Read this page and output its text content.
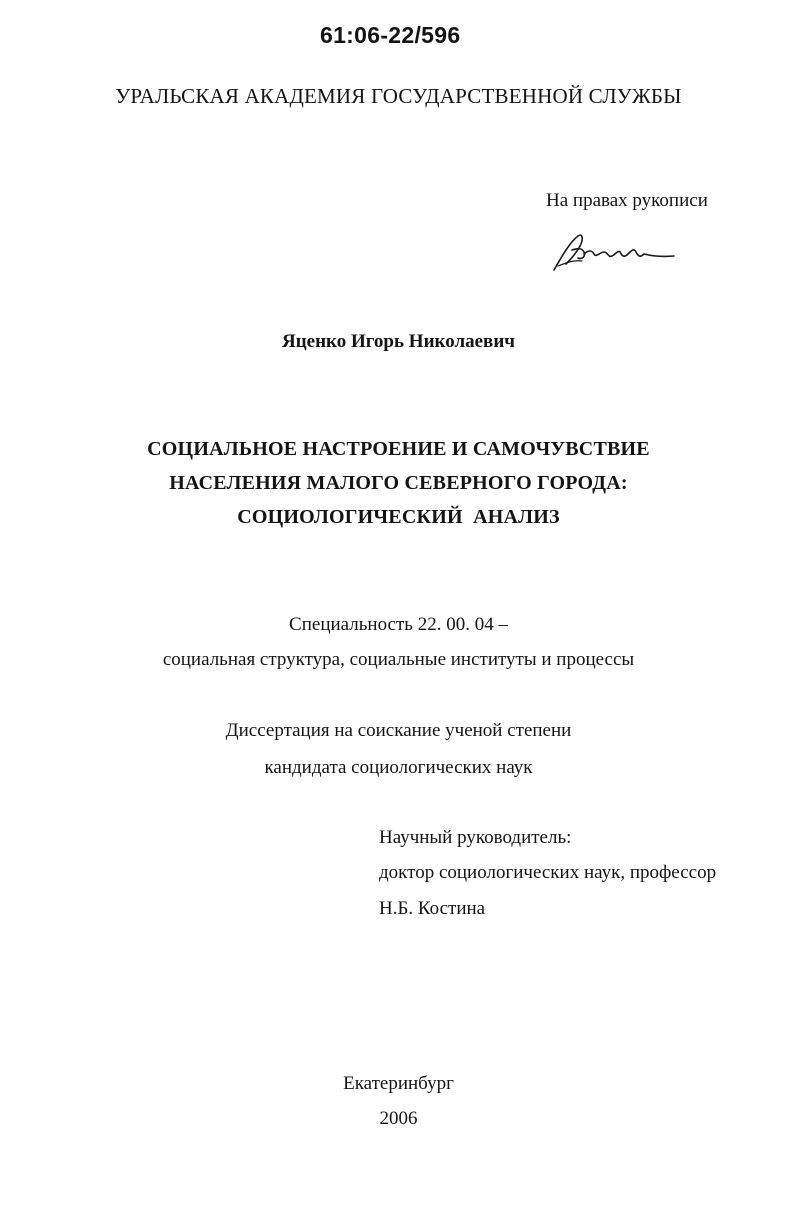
61:06-22/596
УРАЛЬСКАЯ АКАДЕМИЯ ГОСУДАРСТВЕННОЙ СЛУЖБЫ
На правах рукописи
Яценко Игорь Николаевич
СОЦИАЛЬНОЕ НАСТРОЕНИЕ И САМОЧУВСТВИЕ
НАСЕЛЕНИЯ МАЛОГО СЕВЕРНОГО ГОРОДА:
СОЦИОЛОГИЧЕСКИЙ  АНАЛИЗ
Специальность 22. 00. 04 –
социальная структура, социальные институты и процессы
Диссертация на соискание ученой степени
кандидата социологических наук
Научный руководитель:
доктор социологических наук, профессор
Н.Б. Костина
Екатеринбург
2006
